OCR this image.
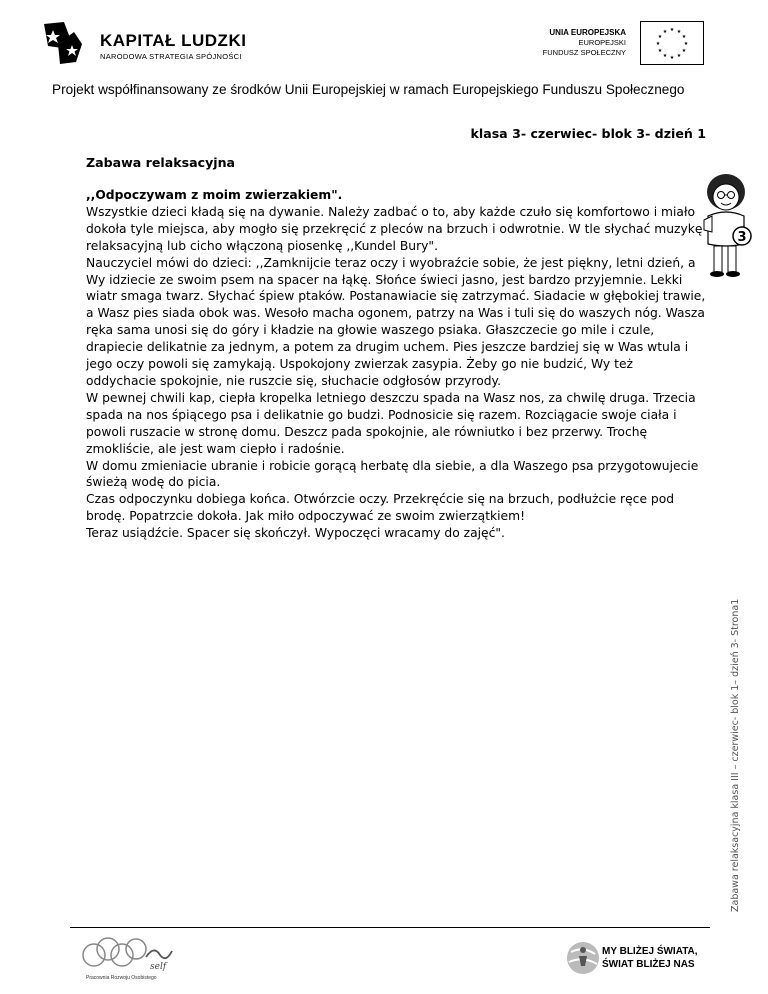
KAPITAŁ LUDZKI
NARODOWA STRATEGIA SPÓJNOŚCI
UNIA EUROPEJSKA
EUROPEJSKI
FUNDUSZ SPOŁECZNY
★ ★
★
★
★
★
★
★
★
★
★
★
Projekt współfinansowany ze środków Unii Europejskiej w ramach Europejskiego Funduszu Społecznego
klasa 3- czerwiec- blok 3- dzień 1
Zabawa relaksacyjna

,,Odpoczywam z moim zwierzakiem".

Wszystkie dzieci kładą się na dywanie. Należy zadbać o to, aby każde czuło się komfortowo i miało dokoła tyle miejsca, aby mogło się przekręcić z pleców na brzuch i odwrotnie. W tle słychać muzykę relaksacyjną lub cicho włączoną piosenkę ,,Kundel Bury".

Nauczyciel mówi do dzieci: ,,Zamknijcie teraz oczy i wyobraźcie sobie, że jest piękny, letni dzień, a Wy idziecie ze swoim psem na spacer na łąkę. Słońce świeci jasno, jest bardzo przyjemnie. Lekki wiatr smaga twarz. Słychać śpiew ptaków. Postanawiacie się zatrzymać. Siadacie w głębokiej trawie, a Wasz pies siada obok was. Wesoło macha ogonem, patrzy na Was i tuli się do waszych nóg. Wasza ręka sama unosi się do góry i kładzie na głowie waszego psiaka. Głaszczecie go mile i czule, drapiecie delikatnie za jednym, a potem za drugim uchem. Pies jeszcze bardziej się w Was wtula i jego oczy powoli się zamykają. Uspokojony zwierzak zasypia. Żeby go nie budzić, Wy też oddychacie spokojnie, nie ruszcie się, słuchacie odgłosów przyrody.

W pewnej chwili kap, ciepła kropelka letniego deszczu spada na Wasz nos, za chwilę druga. Trzecia spada na nos śpiącego psa i delikatnie go budzi. Podnosicie się razem. Rozciągacie swoje ciała i powoli ruszacie w stronę domu. Deszcz pada spokojnie, ale równiutko i bez przerwy. Trochę zmokliście, ale jest wam ciepło i radośnie.

W domu zmieniacie ubranie i robicie gorącą herbatę dla siebie, a dla Waszego psa przygotowujecie świeżą wodę do picia.

Czas odpoczynku dobiega końca. Otwórzcie oczy. Przekręćcie się na brzuch, podłużcie ręce pod brodę. Popatrzcie dokoła. Jak miło odpoczywać ze swoim zwierzątkiem!

Teraz usiądźcie. Spacer się skończył. Wypoczęci wracamy do zajęć".

3
Zabawa relaksacyjna klasa III – czerwiec- blok 1– dzień 3- Strona1
self
Pracownia Rozwoju Osobistego
MY BLIŻEJ ŚWIATA,
ŚWIAT BLIŻEJ NAS
